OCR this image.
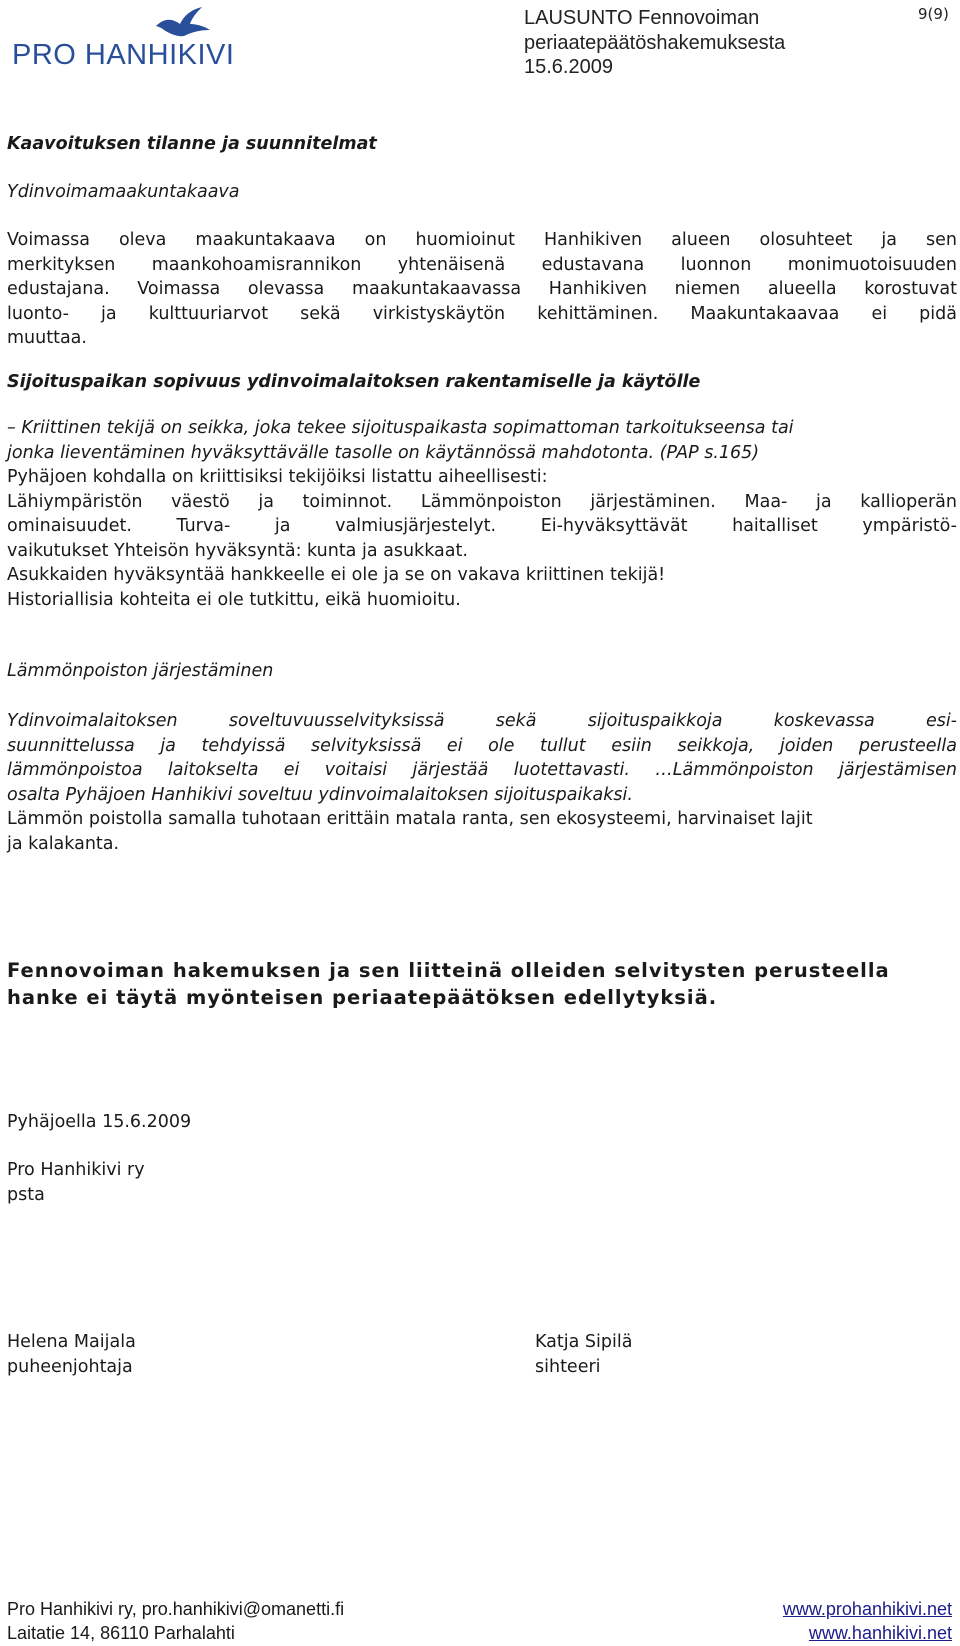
PRO HANHIKIVI
LAUSUNTO Fennovoiman
periaatepäätöshakemuksesta
15.6.2009
9(9)
Kaavoituksen tilanne ja suunnitelmat
Ydinvoimamaakuntakaava
Voimassa oleva maakuntakaava on huomioinut Hanhikiven alueen olosuhteet ja sen
merkityksen maankohoamisrannikon yhtenäisenä edustavana luonnon monimuotoisuuden
edustajana. Voimassa olevassa maakuntakaavassa Hanhikiven niemen alueella korostuvat
luonto- ja kulttuuriarvot sekä virkistyskäytön kehittäminen. Maakuntakaavaa ei pidä
muuttaa.
Sijoituspaikan sopivuus ydinvoimalaitoksen rakentamiselle ja käytölle
– Kriittinen tekijä on seikka, joka tekee sijoituspaikasta sopimattoman tarkoitukseensa tai
jonka lieventäminen hyväksyttävälle tasolle on käytännössä mahdotonta. (PAP s.165)
Pyhäjoen kohdalla on kriittisiksi tekijöiksi listattu aiheellisesti:
Lähiympäristön väestö ja toiminnot. Lämmönpoiston järjestäminen. Maa- ja kallioperän
ominaisuudet. Turva- ja valmiusjärjestelyt. Ei-hyväksyttävät haitalliset ympäristö-
vaikutukset Yhteisön hyväksyntä: kunta ja asukkaat.
Asukkaiden hyväksyntää hankkeelle ei ole ja se on vakava kriittinen tekijä!
Historiallisia kohteita ei ole tutkittu, eikä huomioitu.
Lämmönpoiston järjestäminen
Ydinvoimalaitoksen soveltuvuusselvityksissä sekä sijoituspaikkoja koskevassa esi-
suunnittelussa ja tehdyissä selvityksissä ei ole tullut esiin seikkoja, joiden perusteella
lämmönpoistoa laitokselta ei voitaisi järjestää luotettavasti. …Lämmönpoiston järjestämisen
osalta Pyhäjoen Hanhikivi soveltuu ydinvoimalaitoksen sijoituspaikaksi.
Lämmön poistolla samalla tuhotaan erittäin matala ranta, sen ekosysteemi, harvinaiset lajit
ja kalakanta.
Fennovoiman hakemuksen ja sen liitteinä olleiden selvitysten perusteella
hanke ei täytä myönteisen periaatepäätöksen edellytyksiä.
Pyhäjoella 15.6.2009
Pro Hanhikivi ry
psta
Helena Maijala
puheenjohtaja
Katja Sipilä
sihteeri
Pro Hanhikivi ry, pro.hanhikivi@omanetti.fi
Laitatie 14, 86110 Parhalahti
www.prohanhikivi.net
www.hanhikivi.net
